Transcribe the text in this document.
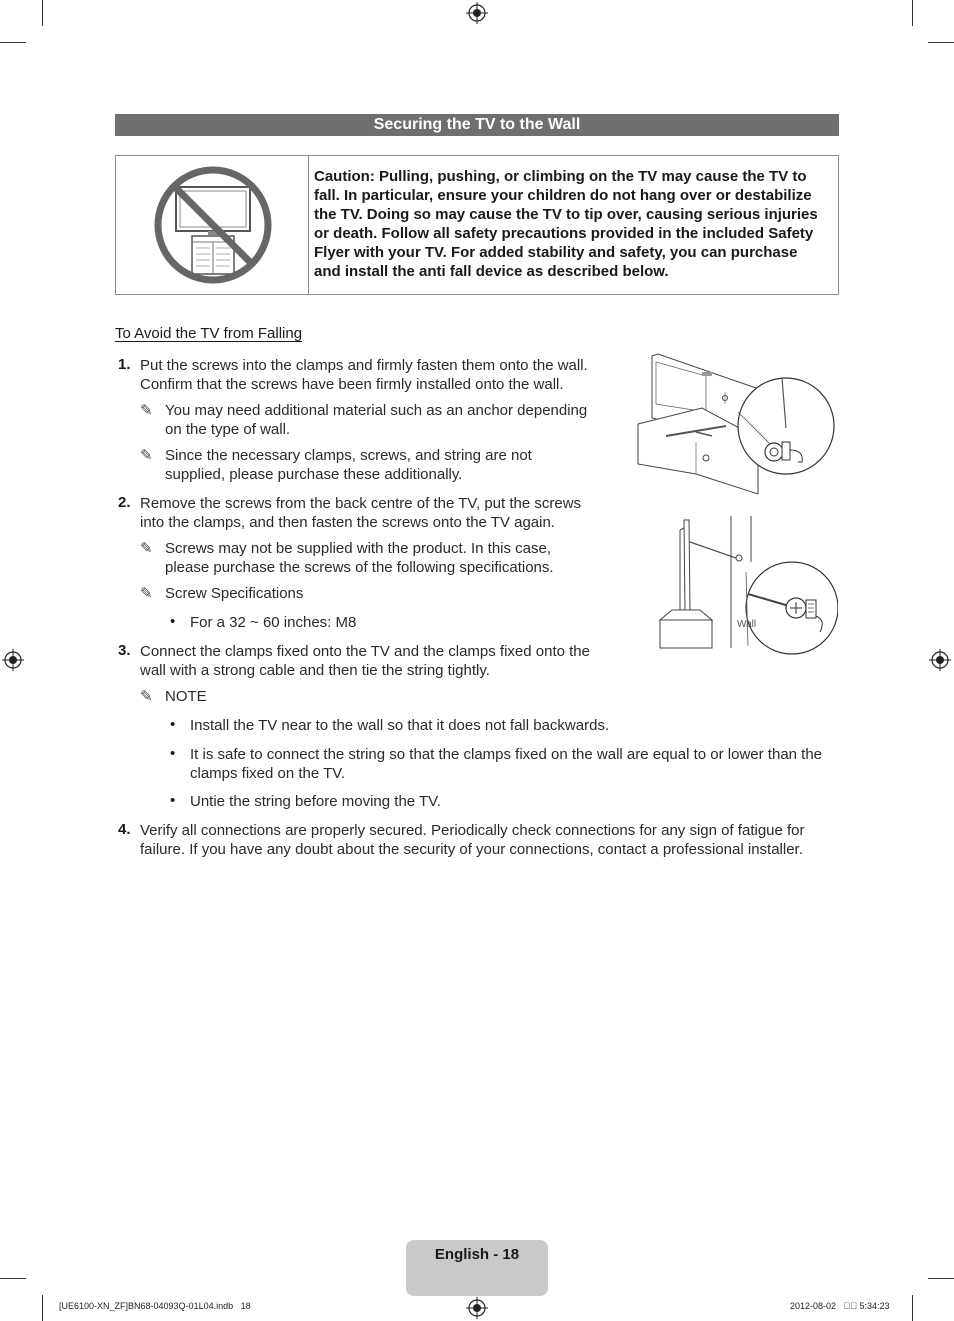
Securing the TV to the Wall
Caution: Pulling, pushing, or climbing on the TV may cause the TV to fall. In particular, ensure your children do not hang over or destabilize the TV. Doing so may cause the TV to tip over, causing serious injuries or death. Follow all safety precautions provided in the included Safety Flyer with your TV. For added stability and safety, you can purchase and install the anti fall device as described below.
To Avoid the TV from Falling
1. Put the screws into the clamps and firmly fasten them onto the wall.
Confirm that the screws have been firmly installed onto the wall.
✎ You may need additional material such as an anchor depending
on the type of wall.
✎ Since the necessary clamps, screws, and string are not
supplied, please purchase these additionally.
2. Remove the screws from the back centre of the TV, put the screws
into the clamps, and then fasten the screws onto the TV again.
✎ Screws may not be supplied with the product. In this case,
please purchase the screws of the following specifications.
✎ Screw Specifications
• For a 32 ~ 60 inches: M8
3. Connect the clamps fixed onto the TV and the clamps fixed onto the
wall with a strong cable and then tie the string tightly.
✎ NOTE
• Install the TV near to the wall so that it does not fall backwards.
• It is safe to connect the string so that the clamps fixed on the wall are equal to or lower than the
clamps fixed on the TV.
• Untie the string before moving the TV.
4. Verify all connections are properly secured. Periodically check connections for any sign of fatigue for
failure. If you have any doubt about the security of your connections, contact a professional installer.
Wall
English - 18
[UE6100-XN_ZF]BN68-04093Q-01L04.indb   18	2012-08-02      5:34:23
